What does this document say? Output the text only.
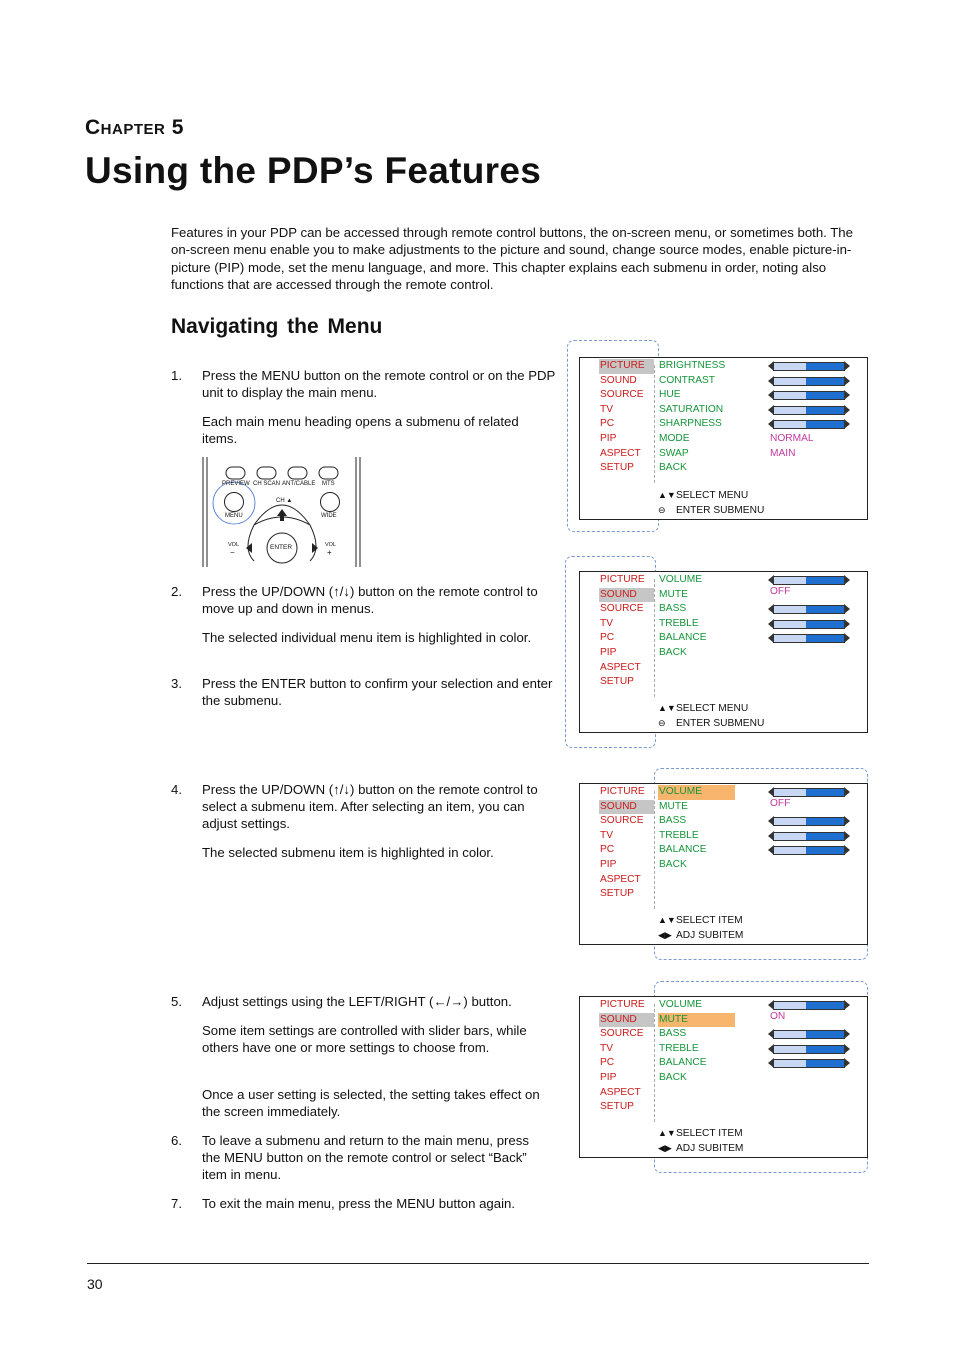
CHAPTER 5
Using the PDP’s Features

Features in your PDP can be accessed through remote control buttons, the on-screen menu, or sometimes both. The on-screen menu enable you to make adjustments to the picture and sound, change source modes, enable picture-in-picture (PIP) mode, set the menu language, and more. This chapter explains each submenu in order, noting also functions that are accessed through the remote control.

Navigating the Menu
1. Press the MENU button on the remote control or on the PDP unit to display the main menu.
Each main menu heading opens a submenu of related items.
2. Press the UP/DOWN (↑/↓) button on the remote control to move up and down in menus.
The selected individual menu item is highlighted in color.
3. Press the ENTER button to confirm your selection and enter the submenu.
4. Press the UP/DOWN (↑/↓) button on the remote control to select a submenu item. After selecting an item, you can adjust settings.
The selected submenu item is highlighted in color.
5. Adjust settings using the LEFT/RIGHT (←/→) button.
Some item settings are controlled with slider bars, while others have one or more settings to choose from.
Once a user setting is selected, the setting takes effect on the screen immediately.
6. To leave a submenu and return to the main menu, press the MENU button on the remote control or select “Back” item in menu.
7. To exit the main menu, press the MENU button again.
PREVIEW CH SCAN ANT/CABLE MTS
MENU
CH ▲
WIDE
VOL	ENTER	VOL
−	+
PICTURE
SOUND
SOURCE
TV
PC
PIP
ASPECT
SETUP
BRIGHTNESS
CONTRAST
HUE
SATURATION
SHARPNESS
MODE
SWAP
BACK
NORMAL
MAIN
▲▼SELECT MENU
⊖ ENTER SUBMENU
PICTURE
SOUND
SOURCE
TV
PC
PIP
ASPECT
SETUP
VOLUME
MUTE
BASS
TREBLE
BALANCE
BACK
OFF
▲▼SELECT MENU
⊖ ENTER SUBMENU
PICTURE
SOUND
SOURCE
TV
PC
PIP
ASPECT
SETUP
VOLUME
MUTE
BASS
TREBLE
BALANCE
BACK
OFF
▲▼SELECT ITEM
◀▶ ADJ SUBITEM
PICTURE
SOUND
SOURCE
TV
PC
PIP
ASPECT
SETUP
VOLUME
MUTE
BASS
TREBLE
BALANCE
BACK
ON
▲▼SELECT ITEM
◀▶ ADJ SUBITEM
30
